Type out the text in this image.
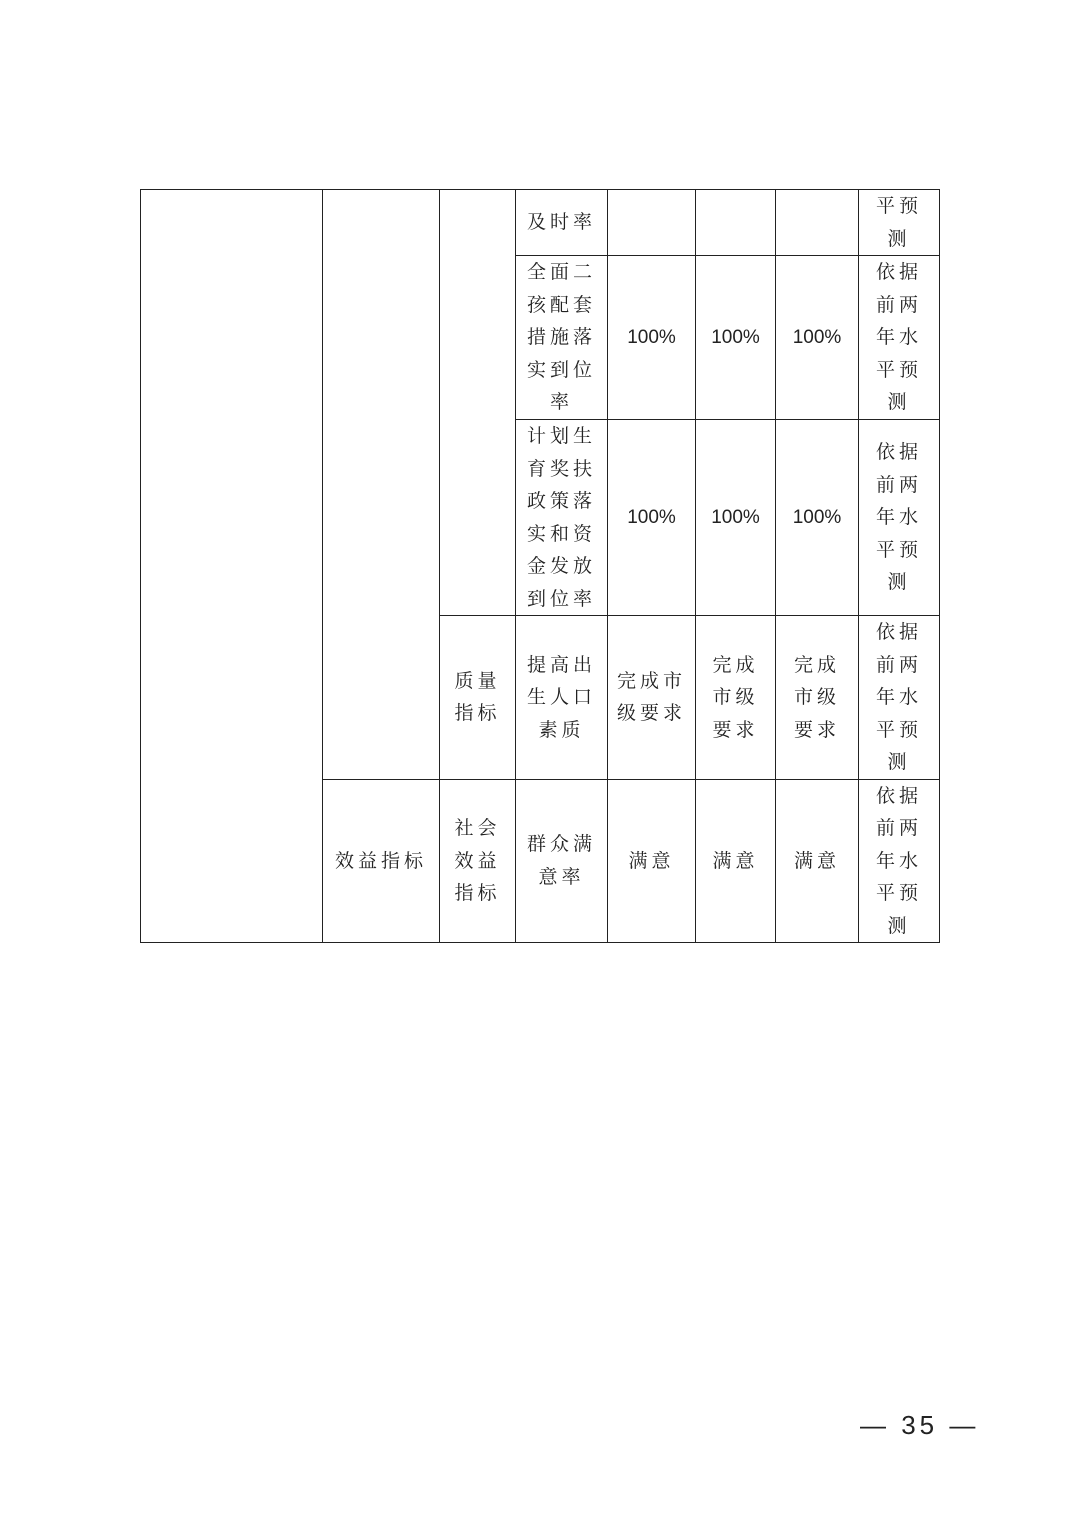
			及时率				平预测

			全面二孩配套措施落实到位率	100%	100%	100%	依据前两年水平预测

			计划生育奖扶政策落实和资金发放到位率	100%	100%	100%	依据前两年水平预测

		质量指标	提高出生人口素质	完成市级要求	完成市级要求	完成市级要求	依据前两年水平预测

	效益指标	社会效益指标	群众满意率	满意	满意	满意	依据前两年水平预测
— 35 —
